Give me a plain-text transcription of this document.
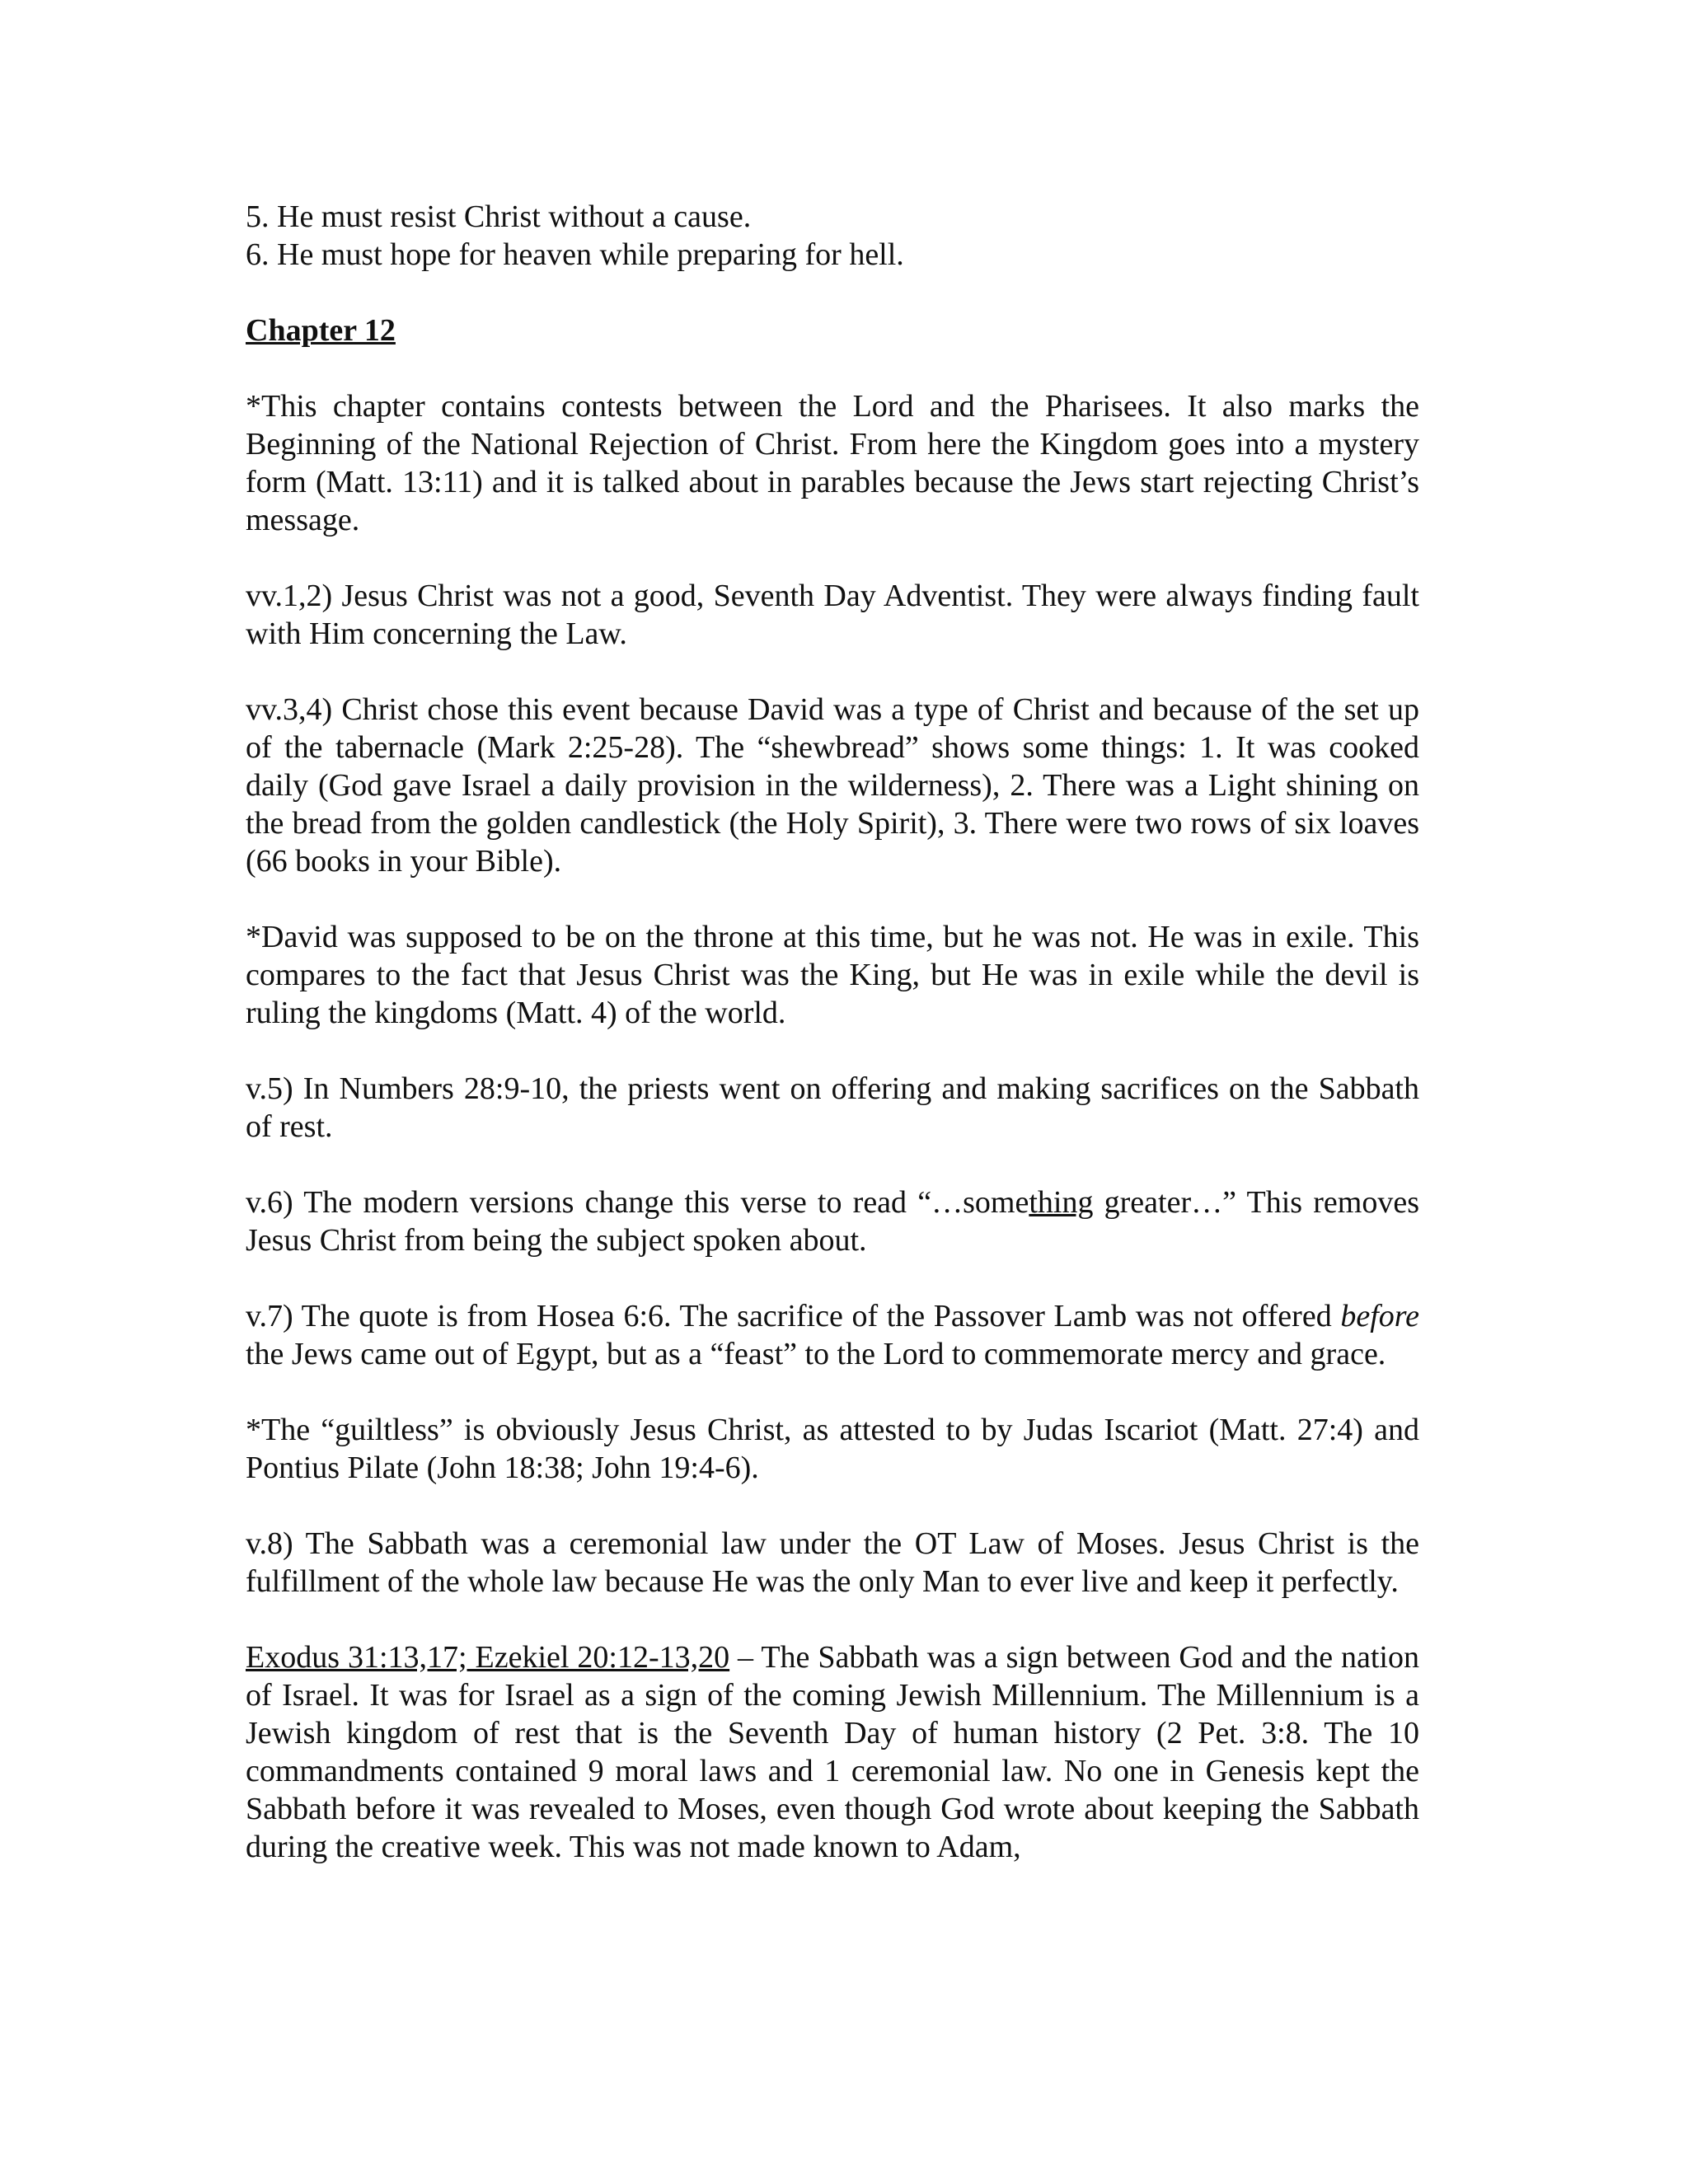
5. He must resist Christ without a cause.
6. He must hope for heaven while preparing for hell.
Chapter 12

*This chapter contains contests between the Lord and the Pharisees. It also marks the Beginning of the National Rejection of Christ. From here the Kingdom goes into a mystery form (Matt. 13:11) and it is talked about in parables because the Jews start rejecting Christ’s message.

vv.1,2) Jesus Christ was not a good, Seventh Day Adventist. They were always finding fault with Him concerning the Law.

vv.3,4) Christ chose this event because David was a type of Christ and because of the set up of the tabernacle (Mark 2:25-28). The “shewbread” shows some things: 1. It was cooked daily (God gave Israel a daily provision in the wilderness), 2. There was a Light shining on the bread from the golden candlestick (the Holy Spirit), 3. There were two rows of six loaves (66 books in your Bible).

*David was supposed to be on the throne at this time, but he was not. He was in exile. This compares to the fact that Jesus Christ was the King, but He was in exile while the devil is ruling the kingdoms (Matt. 4) of the world.

v.5) In Numbers 28:9-10, the priests went on offering and making sacrifices on the Sabbath of rest.

v.6) The modern versions change this verse to read “…something greater…” This removes Jesus Christ from being the subject spoken about.

v.7) The quote is from Hosea 6:6. The sacrifice of the Passover Lamb was not offered before the Jews came out of Egypt, but as a “feast” to the Lord to commemorate mercy and grace.

*The “guiltless” is obviously Jesus Christ, as attested to by Judas Iscariot (Matt. 27:4) and Pontius Pilate (John 18:38; John 19:4-6).

v.8) The Sabbath was a ceremonial law under the OT Law of Moses. Jesus Christ is the fulfillment of the whole law because He was the only Man to ever live and keep it perfectly.

Exodus 31:13,17; Ezekiel 20:12-13,20 – The Sabbath was a sign between God and the nation of Israel. It was for Israel as a sign of the coming Jewish Millennium. The Millennium is a Jewish kingdom of rest that is the Seventh Day of human history (2 Pet. 3:8. The 10 commandments contained 9 moral laws and 1 ceremonial law. No one in Genesis kept the Sabbath before it was revealed to Moses, even though God wrote about keeping the Sabbath during the creative week. This was not made known to Adam,
